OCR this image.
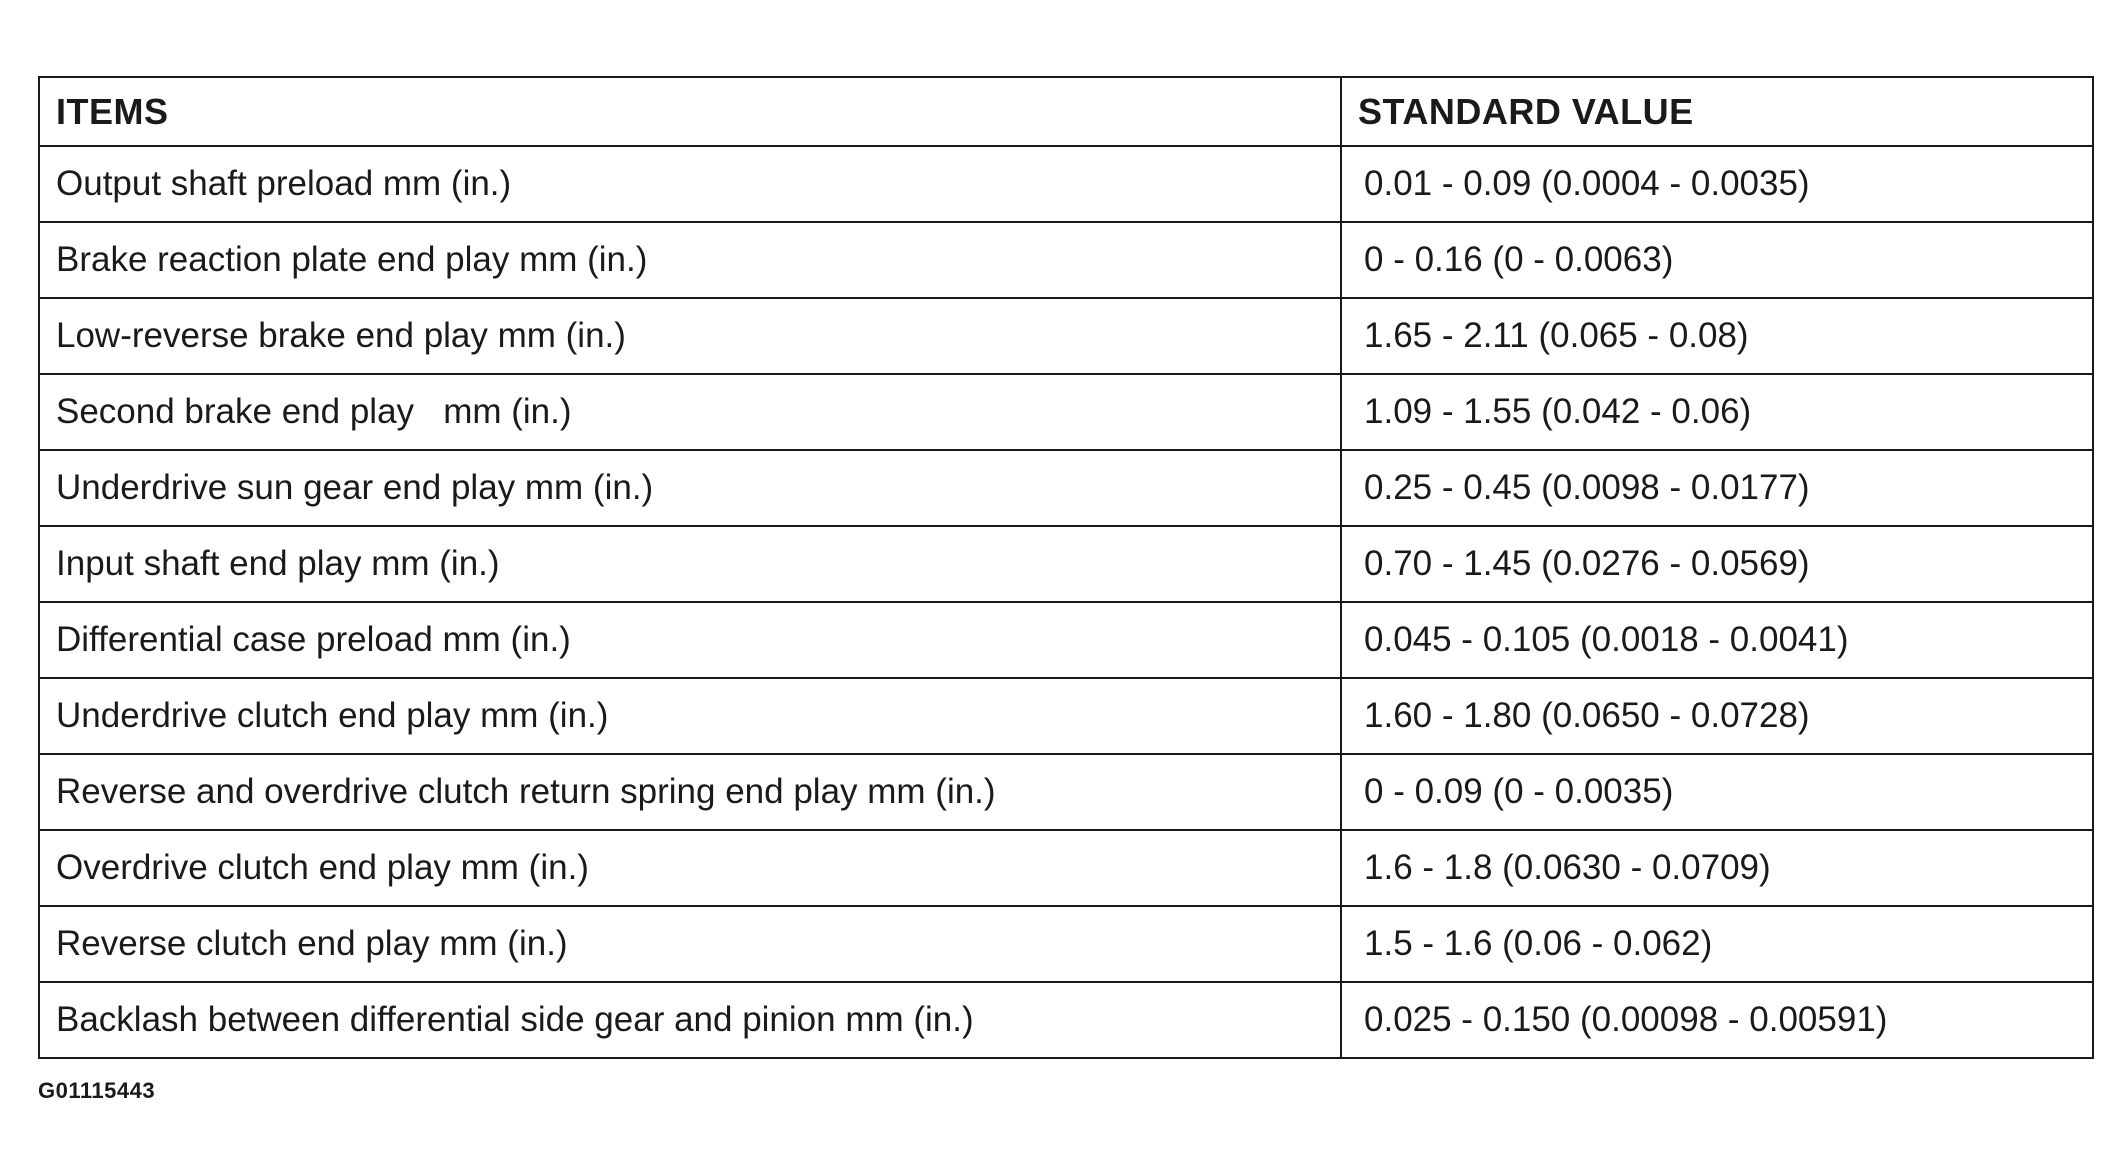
ITEMS	STANDARD VALUE
Output shaft preload mm (in.)	0.01 - 0.09 (0.0004 - 0.0035)
Brake reaction plate end play mm (in.)	0 - 0.16 (0 - 0.0063)
Low-reverse brake end play mm (in.)	1.65 - 2.11 (0.065 - 0.08)
Second brake end play   mm (in.)	1.09 - 1.55 (0.042 - 0.06)
Underdrive sun gear end play mm (in.)	0.25 - 0.45 (0.0098 - 0.0177)
Input shaft end play mm (in.)	0.70 - 1.45 (0.0276 - 0.0569)
Differential case preload mm (in.)	0.045 - 0.105 (0.0018 - 0.0041)
Underdrive clutch end play mm (in.)	1.60 - 1.80 (0.0650 - 0.0728)
Reverse and overdrive clutch return spring end play mm (in.)	0 - 0.09 (0 - 0.0035)
Overdrive clutch end play mm (in.)	1.6 - 1.8 (0.0630 - 0.0709)
Reverse clutch end play mm (in.)	1.5 - 1.6 (0.06 - 0.062)
Backlash between differential side gear and pinion mm (in.)	0.025 - 0.150 (0.00098 - 0.00591)
G01115443
